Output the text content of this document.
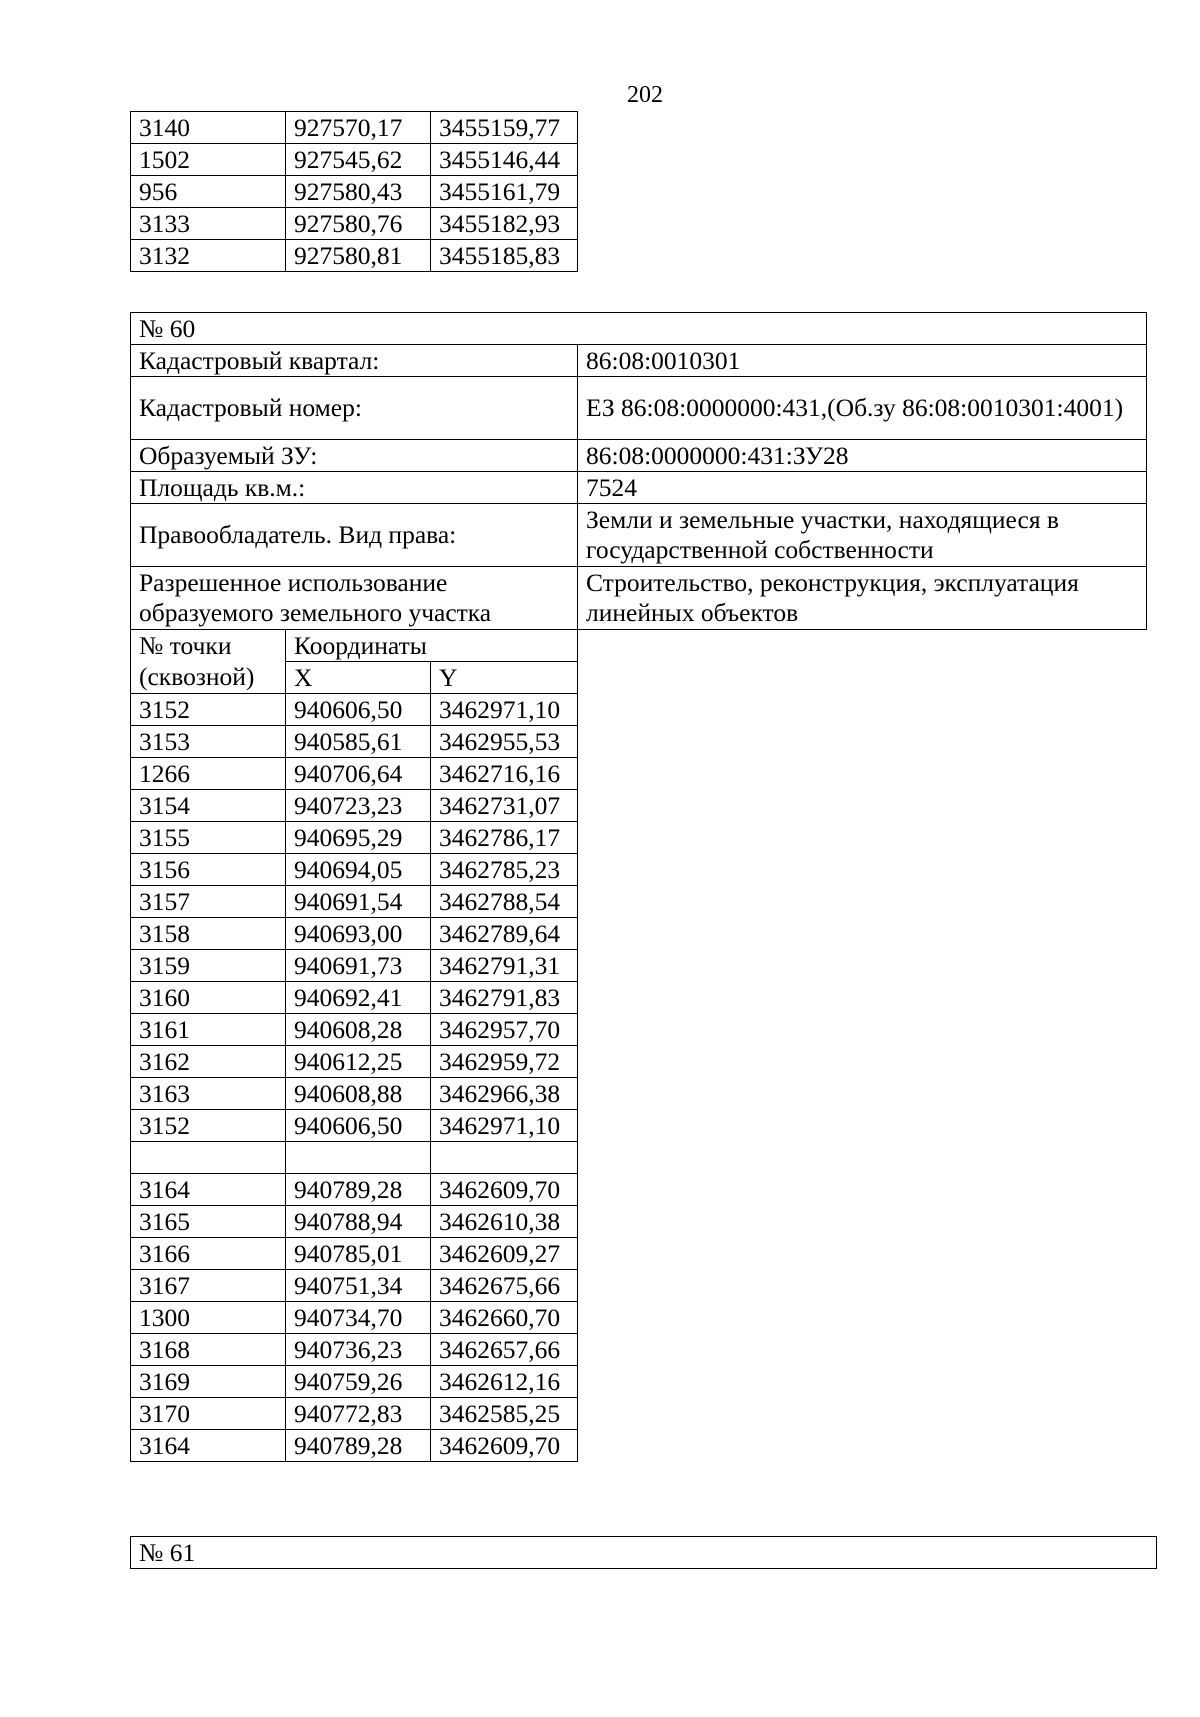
202
3140	927570,17	3455159,77
1502	927545,62	3455146,44
956	927580,43	3455161,79
3133	927580,76	3455182,93
3132	927580,81	3455185,83
№ 60			
Кадастровый квартал:			86:08:0010301
Кадастровый номер:			ЕЗ 86:08:0000000:431,(Об.зу 86:08:0010301:4001)
Образуемый ЗУ:			86:08:0000000:431:ЗУ28
Площадь кв.м.:			7524
Правообладатель. Вид права:			Земли и земельные участки, находящиеся в государственной собственности
Разрешенное использование образуемого земельного участка			Строительство, реконструкция, эксплуатация линейных объектов
№ точки	Координаты		
(сквозной)	X	Y	
3152	940606,50	3462971,10	
3153	940585,61	3462955,53	
1266	940706,64	3462716,16	
3154	940723,23	3462731,07	
3155	940695,29	3462786,17	
3156	940694,05	3462785,23	
3157	940691,54	3462788,54	
3158	940693,00	3462789,64	
3159	940691,73	3462791,31	
3160	940692,41	3462791,83	
3161	940608,28	3462957,70	
3162	940612,25	3462959,72	
3163	940608,88	3462966,38	
3152	940606,50	3462971,10	

3164	940789,28	3462609,70	
3165	940788,94	3462610,38	
3166	940785,01	3462609,27	
3167	940751,34	3462675,66	
1300	940734,70	3462660,70	
3168	940736,23	3462657,66	
3169	940759,26	3462612,16	
3170	940772,83	3462585,25	
3164	940789,28	3462609,70	
№ 61
